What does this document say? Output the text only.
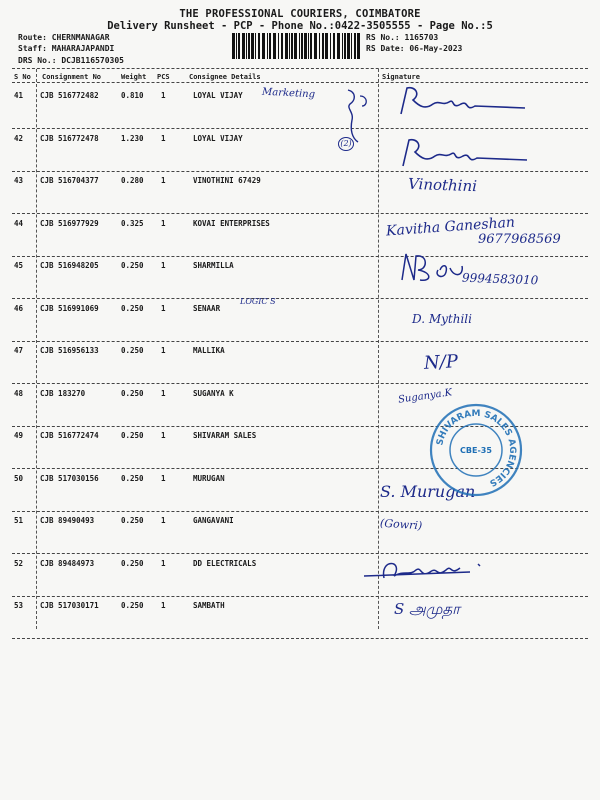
THE PROFESSIONAL COURIERS, COIMBATORE
Delivery Runsheet - PCP - Phone No.:0422-3505555 - Page No.:5
Route: CHERNMANAGAR
Staff: MAHARAJAPANDI
DRS No.: DCJB116570305
RS No.: 1165703
RS Date: 06-May-2023
S No Consignment No	Weight PCS	Consignee Details	Signature
41 CJB 516772482	0.810 1	LOYAL VIJAY
42 CJB 516772478	1.230 1	LOYAL VIJAY
43 CJB 516704377	0.280 1	VINOTHINI 67429
44 CJB 516977929	0.325 1	KOVAI ENTERPRISES
45 CJB 516948205	0.250 1	SHARMILLA
46 CJB 516991069	0.250 1	SENAAR
47 CJB 516956133	0.250 1	MALLIKA
48 CJB 183270	0.250 1	SUGANYA K
49 CJB 516772474	0.250 1	SHIVARAM SALES
50 CJB 517030156	0.250 1	MURUGAN
51 CJB 89490493	0.250 1	GANGAVANI
52 CJB 89484973	0.250 1	DD ELECTRICALS
53 CJB 517030171	0.250 1	SAMBATH
Marketing
(2)
LOGIC S
Vinothini
Kavitha Ganeshan
9677968569
9994583010
D. Mythili
N/P
Suganya.K
S. Murugan
(Gowri)
S அமுதா
SHIVARAM SALES AGENCIES
CBE-35
